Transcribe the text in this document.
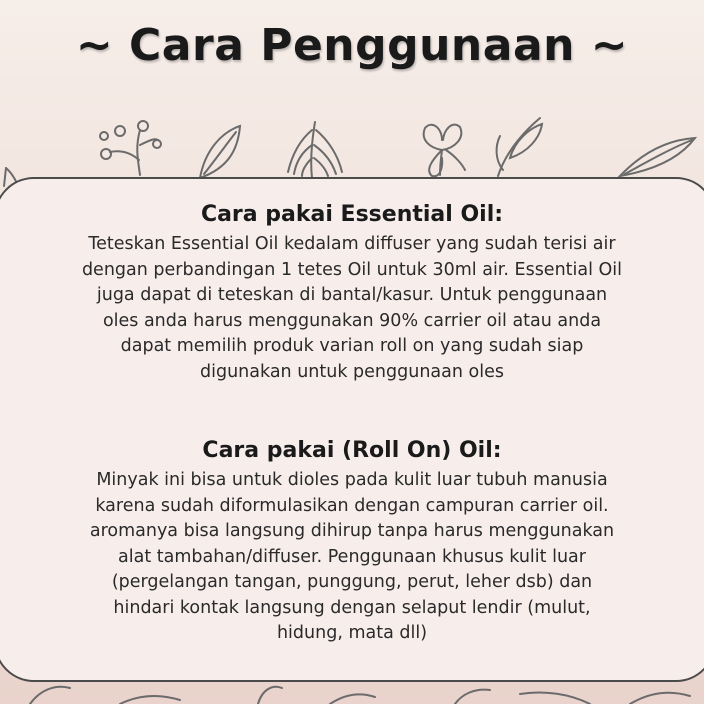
~ Cara Penggunaan ~
Cara pakai Essential Oil:
Teteskan Essential Oil kedalam diffuser yang sudah terisi air
dengan perbandingan 1 tetes Oil untuk 30ml air. Essential Oil
juga dapat di teteskan di bantal/kasur. Untuk penggunaan
oles anda harus menggunakan 90% carrier oil atau anda
dapat memilih produk varian roll on yang sudah siap
digunakan untuk penggunaan oles
Cara pakai (Roll On) Oil:
Minyak ini bisa untuk dioles pada kulit luar tubuh manusia
karena sudah diformulasikan dengan campuran carrier oil.
aromanya bisa langsung dihirup tanpa harus menggunakan
alat tambahan/diffuser. Penggunaan khusus kulit luar
(pergelangan tangan, punggung, perut, leher dsb) dan
hindari kontak langsung dengan selaput lendir (mulut,
hidung, mata dll)
